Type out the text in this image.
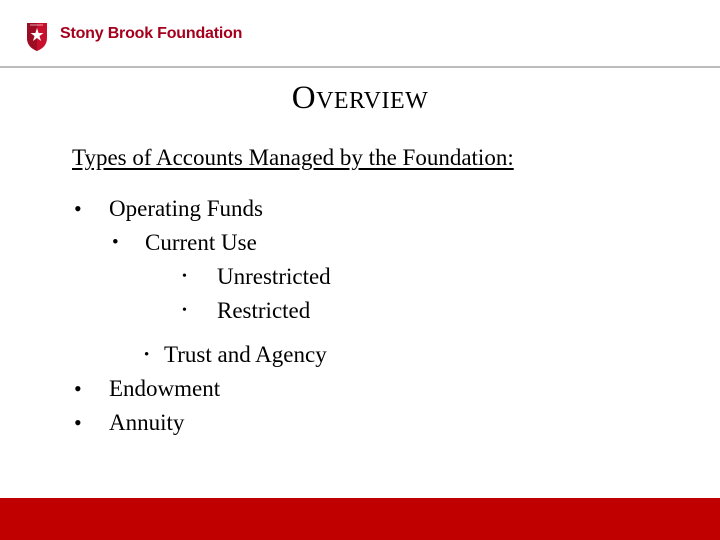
Stony Brook Foundation
OVERVIEW
Types of Accounts Managed by the Foundation:
• Operating Funds
• Current Use
• Unrestricted
• Restricted
• Trust and Agency
• Endowment
• Annuity
